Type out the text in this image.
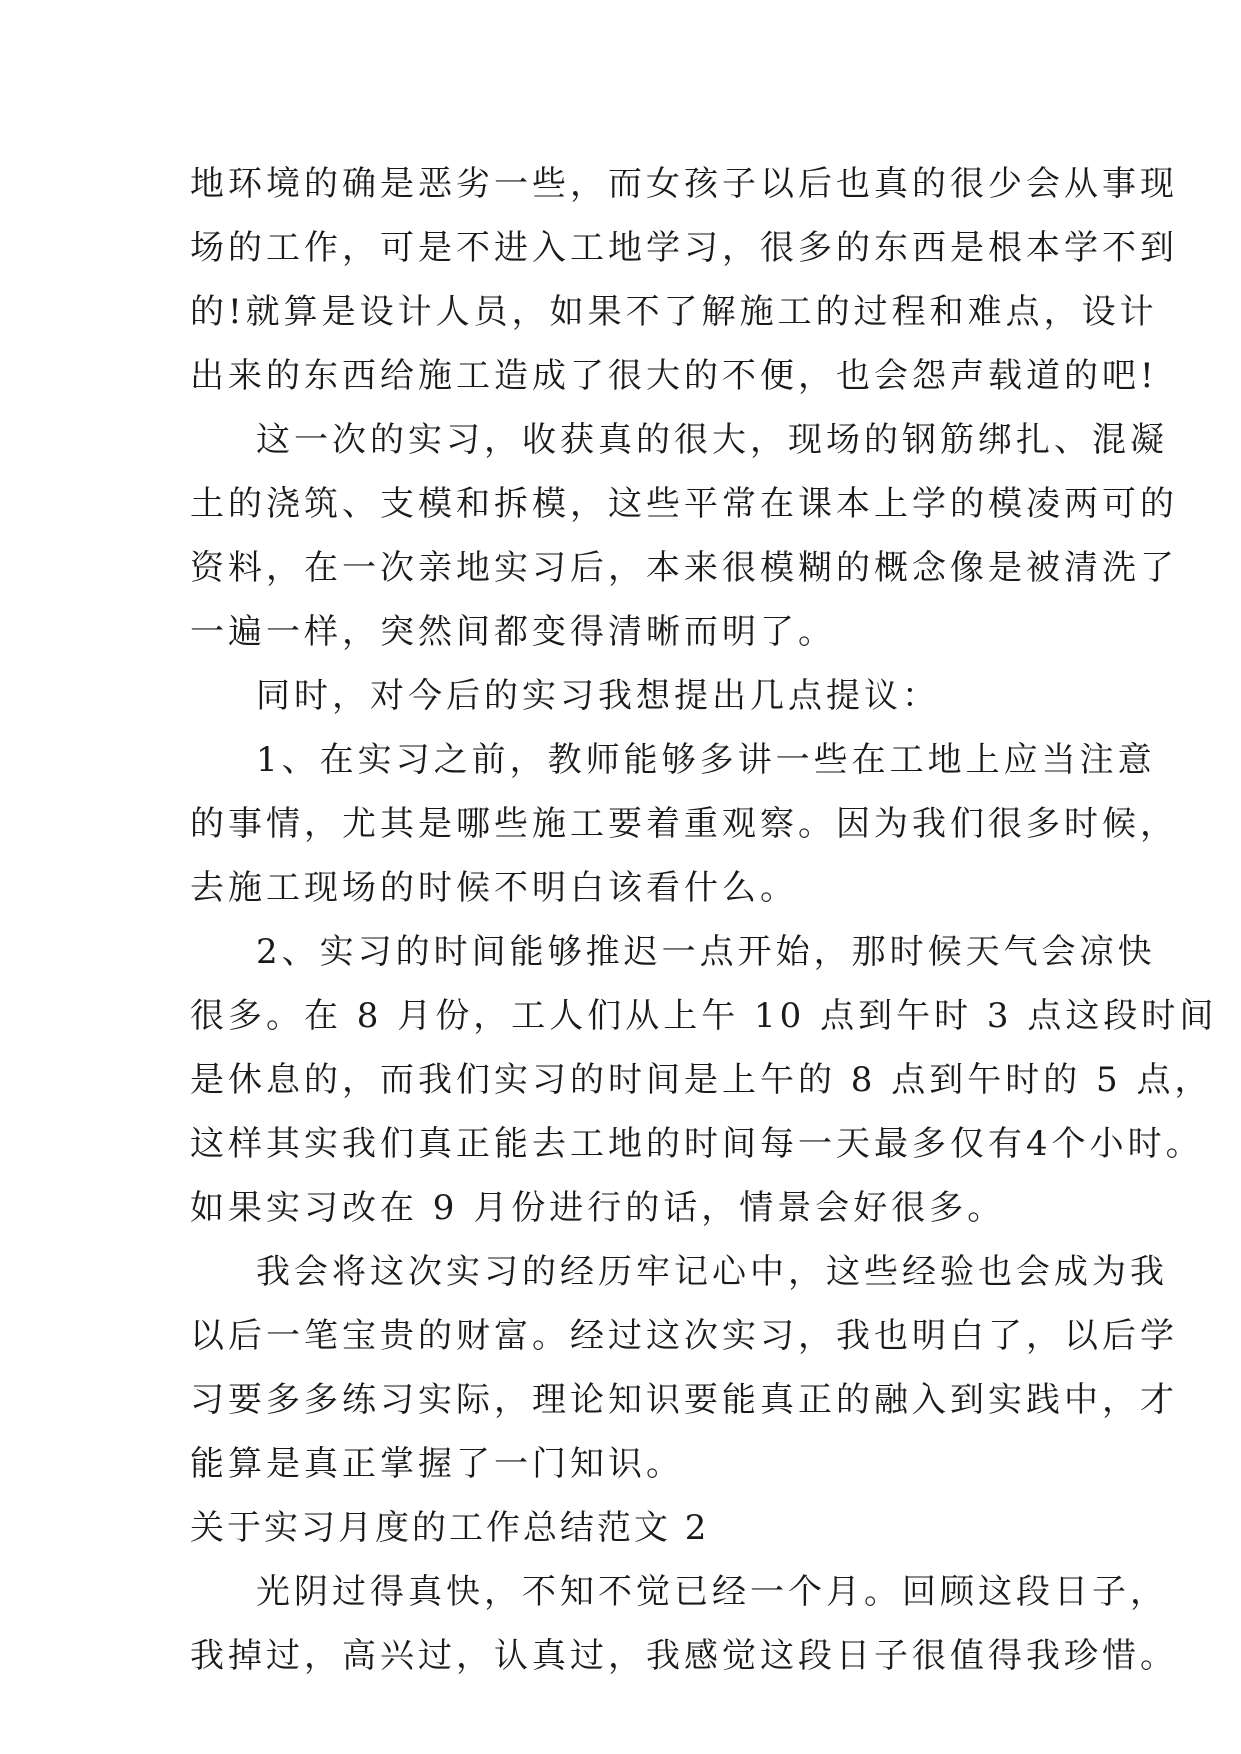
地环境的确是恶劣一些，而女孩子以后也真的很少会从事现
场的工作，可是不进入工地学习，很多的东西是根本学不到
的!就算是设计人员，如果不了解施工的过程和难点，设计
出来的东西给施工造成了很大的不便，也会怨声载道的吧!
这一次的实习，收获真的很大，现场的钢筋绑扎、混凝
土的浇筑、支模和拆模，这些平常在课本上学的模凌两可的
资料，在一次亲地实习后，本来很模糊的概念像是被清洗了
一遍一样，突然间都变得清晰而明了。
同时，对今后的实习我想提出几点提议：
1、在实习之前，教师能够多讲一些在工地上应当注意
的事情，尤其是哪些施工要着重观察。因为我们很多时候，
去施工现场的时候不明白该看什么。
2、实习的时间能够推迟一点开始，那时候天气会凉快
很多。在 8 月份，工人们从上午 10 点到午时 3 点这段时间
是休息的，而我们实习的时间是上午的 8 点到午时的 5 点，
这样其实我们真正能去工地的时间每一天最多仅有4个小时。
如果实习改在 9 月份进行的话，情景会好很多。
我会将这次实习的经历牢记心中，这些经验也会成为我
以后一笔宝贵的财富。经过这次实习，我也明白了，以后学
习要多多练习实际，理论知识要能真正的融入到实践中，才
能算是真正掌握了一门知识。
关于实习月度的工作总结范文 2
光阴过得真快，不知不觉已经一个月。回顾这段日子，
我掉过，高兴过，认真过，我感觉这段日子很值得我珍惜。
